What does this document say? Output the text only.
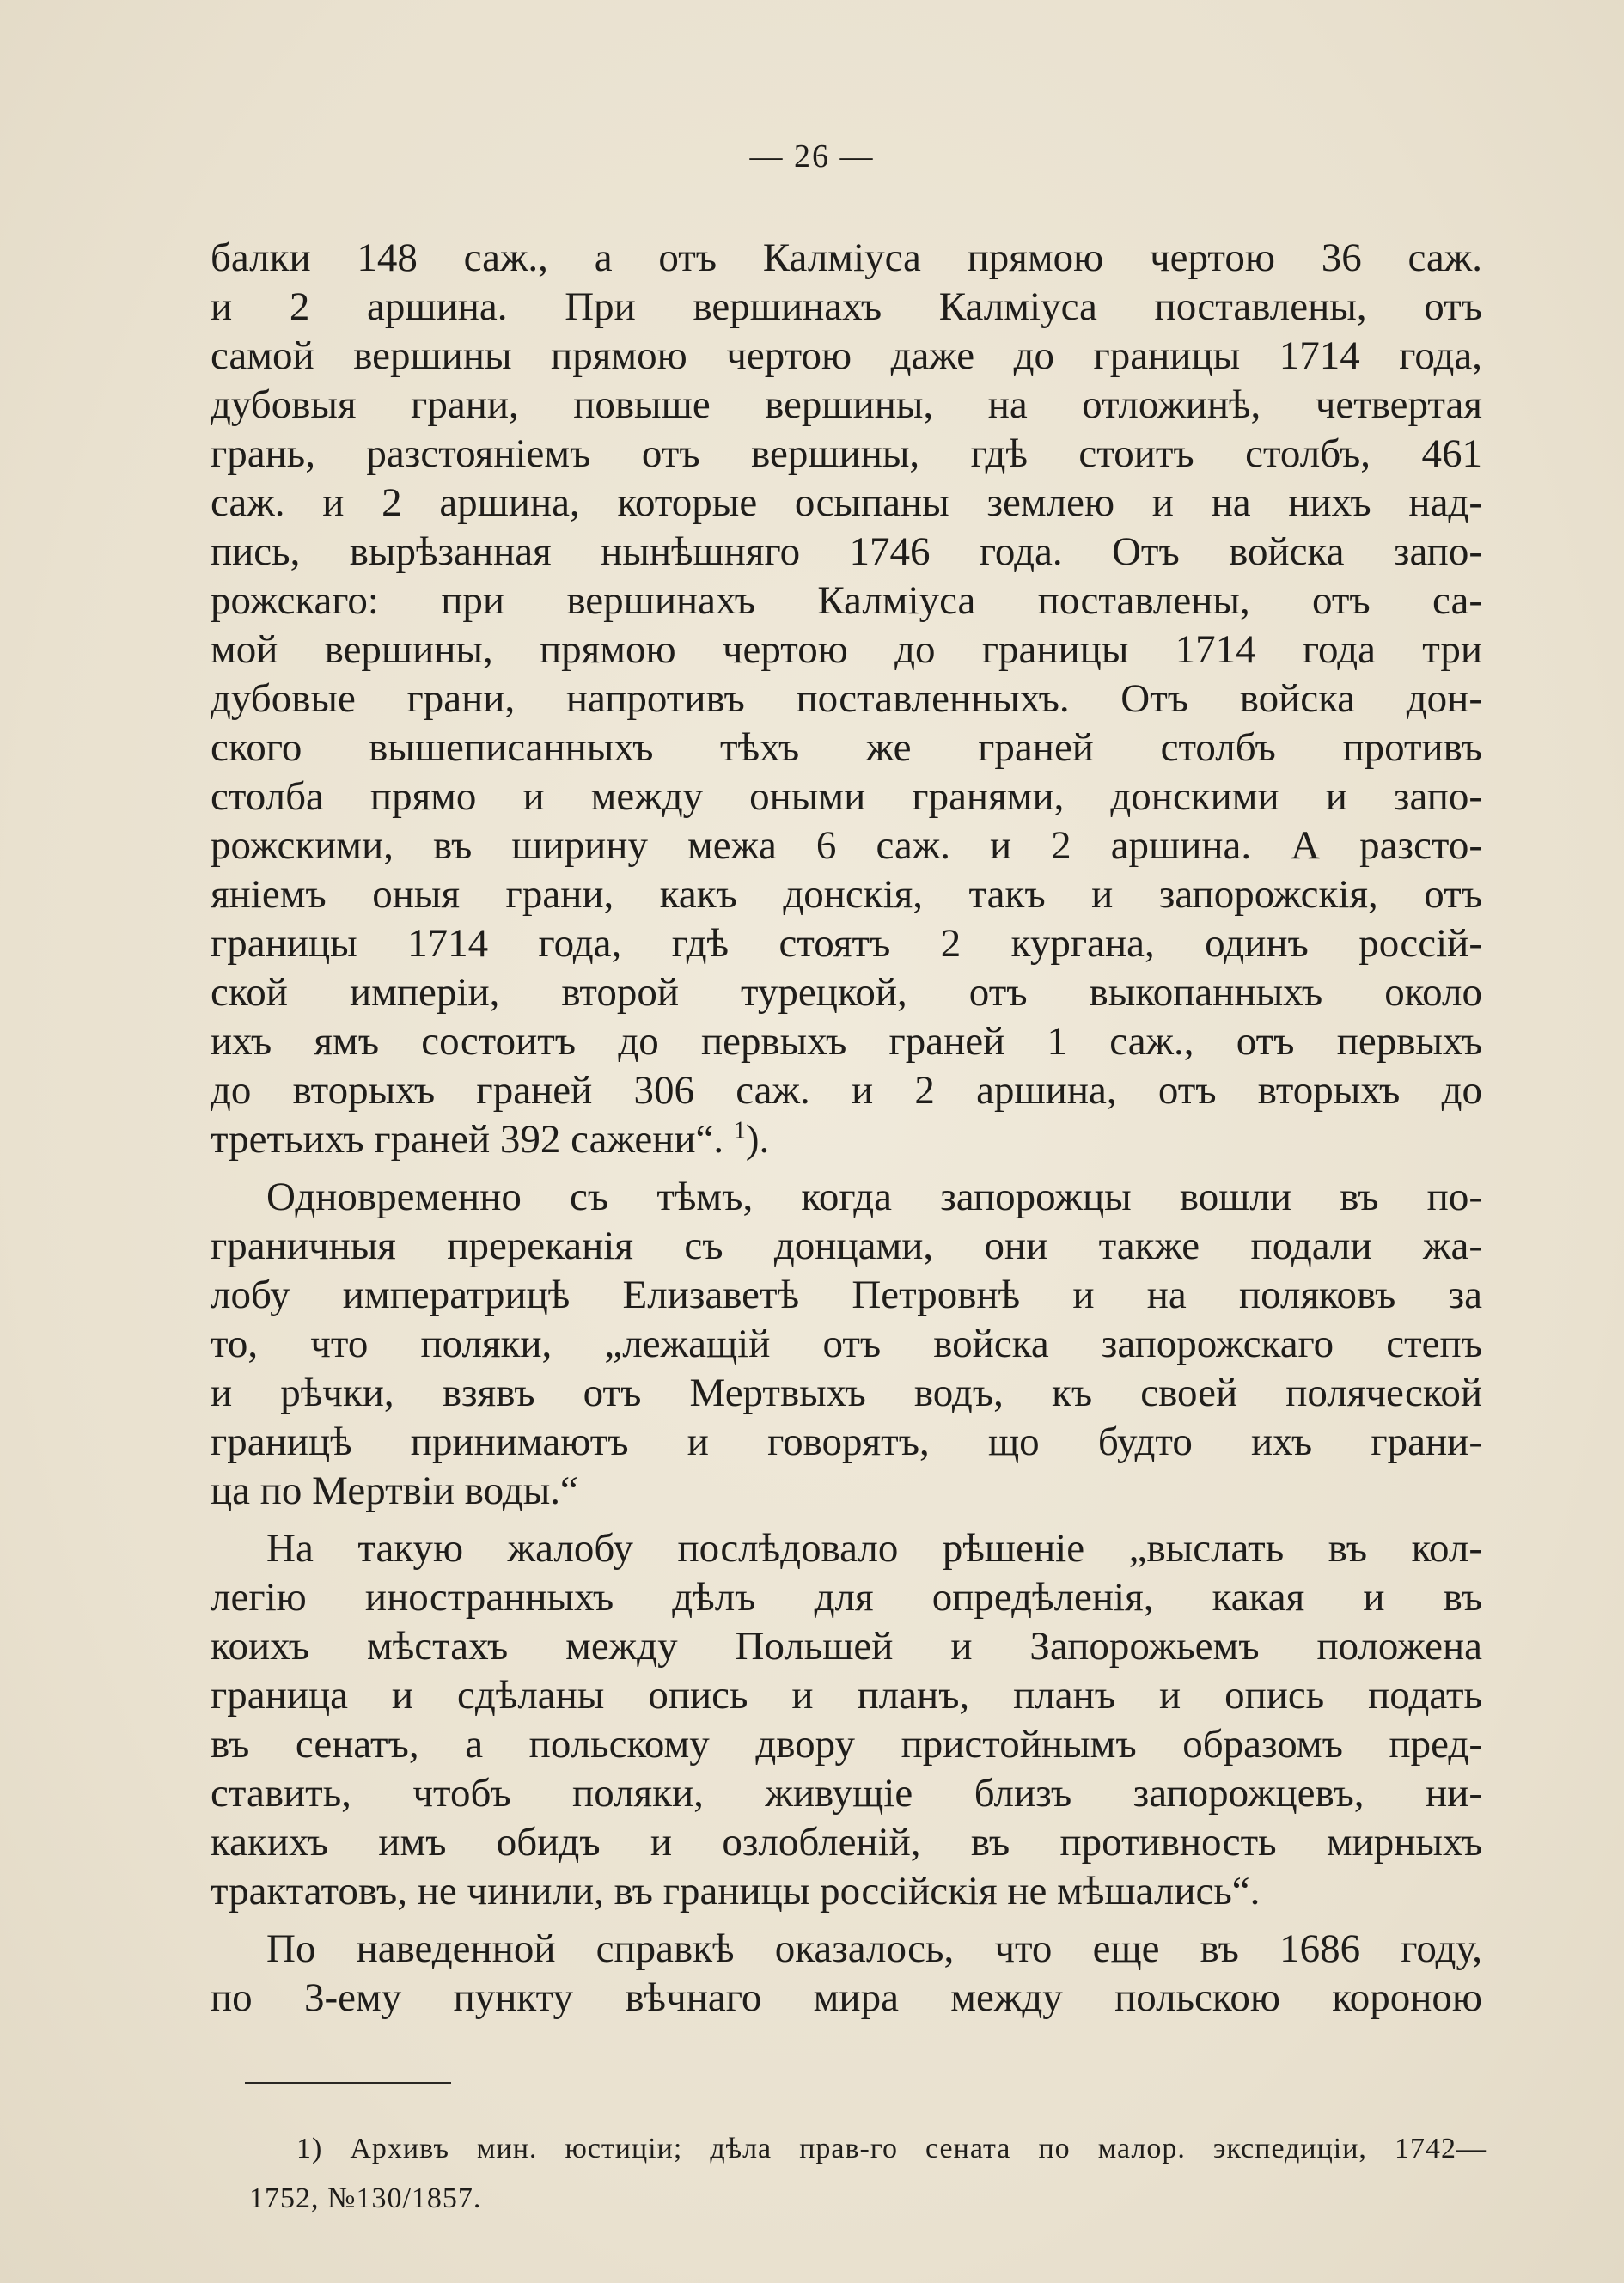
— 26 —
балки 148 саж., а отъ Калміуса прямою чертою 36 саж.
и 2 аршина. При вершинахъ Калміуса поставлены, отъ
самой вершины прямою чертою даже до границы 1714 года,
дубовыя грани, повыше вершины, на отложинѣ, четвертая
грань, разстояніемъ отъ вершины, гдѣ стоитъ столбъ, 461
саж. и 2 аршина, которые осыпаны землею и на нихъ над-
пись, вырѣзанная нынѣшняго 1746 года. Отъ войска запо-
рожскаго: при вершинахъ Калміуса поставлены, отъ са-
мой вершины, прямою чертою до границы 1714 года три
дубовые грани, напротивъ поставленныхъ. Отъ войска дон-
ского вышеписанныхъ тѣхъ же граней столбъ противъ
столба прямо и между оными гранями, донскими и запо-
рожскими, въ ширину межа 6 саж. и 2 аршина. А разсто-
яніемъ оныя грани, какъ донскія, такъ и запорожскія, отъ
границы 1714 года, гдѣ стоятъ 2 кургана, одинъ россій-
ской имперіи, второй турецкой, отъ выкопанныхъ около
ихъ ямъ состоитъ до первыхъ граней 1 саж., отъ первыхъ
до вторыхъ граней 306 саж. и 2 аршина, отъ вторыхъ до
третьихъ граней 392 сажени“. $^1$).
Одновременно съ тѣмъ, когда запорожцы вошли въ по-
граничныя пререканія съ донцами, они также подали жа-
лобу императрицѣ Елизаветѣ Петровнѣ и на поляковъ за
то, что поляки, „лежащій отъ войска запорожскаго степъ
и рѣчки, взявъ отъ Мертвыхъ водъ, къ своей поляческой
границѣ принимаютъ и говорятъ, що будто ихъ грани-
ца по Мертвіи воды.“
На такую жалобу послѣдовало рѣшеніе „выслать въ кол-
легію иностранныхъ дѣлъ для опредѣленія, какая и въ
коихъ мѣстахъ между Польшей и Запорожьемъ положена
граница и сдѣланы опись и планъ, планъ и опись подать
въ сенатъ, а польскому двору пристойнымъ образомъ пред-
ставить, чтобъ поляки, живущіе близъ запорожцевъ, ни-
какихъ имъ обидъ и озлобленій, въ противность мирныхъ
трактатовъ, не чинили, въ границы россійскія не мѣшались“.
По наведенной справкѣ оказалось, что еще въ 1686 году,
по 3-ему пункту вѣчнаго мира между польскою короною
1) Архивъ мин. юстиціи; дѣла прав-го сената по малор. экспедиціи, 1742—
1752, №130/1857.
